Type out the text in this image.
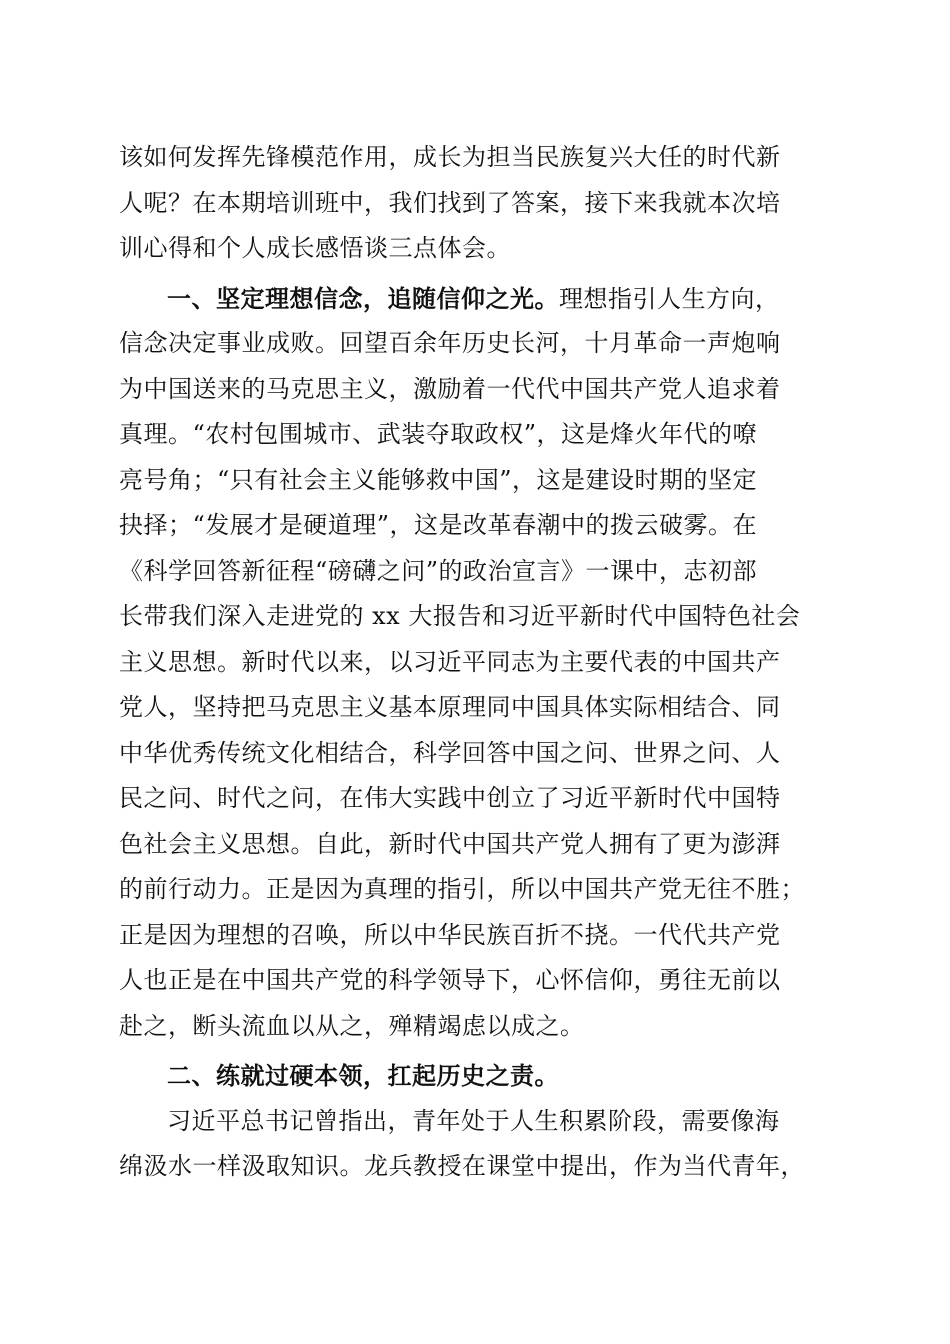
该如何发挥先锋模范作用，成长为担当民族复兴大任的时代新
人呢？在本期培训班中，我们找到了答案，接下来我就本次培
训心得和个人成长感悟谈三点体会。
一、坚定理想信念，追随信仰之光。理想指引人生方向，
信念决定事业成败。回望百余年历史长河，十月革命一声炮响
为中国送来的马克思主义，激励着一代代中国共产党人追求着
真理。“农村包围城市、武装夺取政权”，这是烽火年代的嘹
亮号角；“只有社会主义能够救中国”，这是建设时期的坚定
抉择；“发展才是硬道理”，这是改革春潮中的拨云破雾。在
《科学回答新征程“磅礴之问”的政治宣言》一课中，志初部
长带我们深入走进党的 xx 大报告和习近平新时代中国特色社会
主义思想。新时代以来，以习近平同志为主要代表的中国共产
党人，坚持把马克思主义基本原理同中国具体实际相结合、同
中华优秀传统文化相结合，科学回答中国之问、世界之问、人
民之问、时代之问，在伟大实践中创立了习近平新时代中国特
色社会主义思想。自此，新时代中国共产党人拥有了更为澎湃
的前行动力。正是因为真理的指引，所以中国共产党无往不胜；
正是因为理想的召唤，所以中华民族百折不挠。一代代共产党
人也正是在中国共产党的科学领导下，心怀信仰，勇往无前以
赴之，断头流血以从之，殚精竭虑以成之。
二、练就过硬本领，扛起历史之责。
习近平总书记曾指出，青年处于人生积累阶段，需要像海
绵汲水一样汲取知识。龙兵教授在课堂中提出，作为当代青年，
